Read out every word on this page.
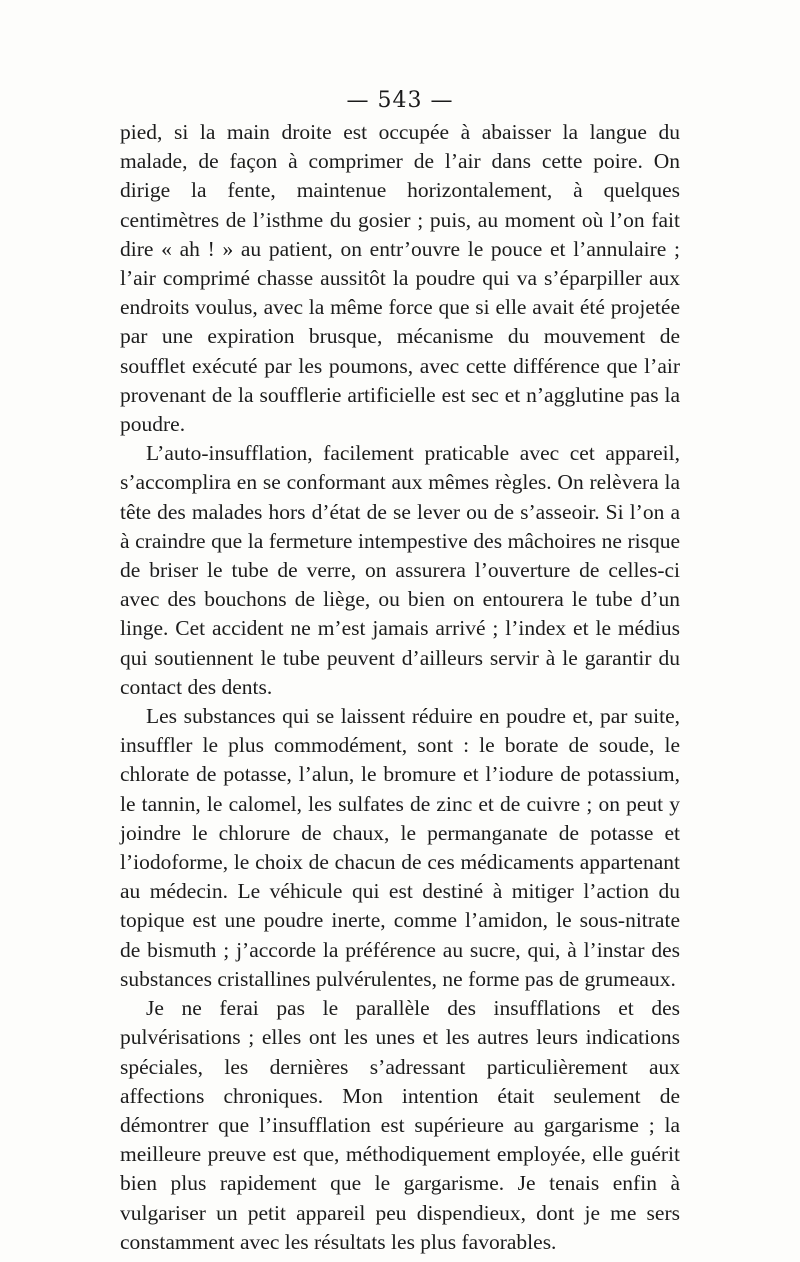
— 543 —

pied, si la main droite est occupée à abaisser la langue du malade, de façon à comprimer de l’air dans cette poire. On dirige la fente, maintenue horizontalement, à quelques centimètres de l’isthme du gosier ; puis, au moment où l’on fait dire « ah ! » au patient, on entr’ouvre le pouce et l’annulaire ; l’air comprimé chasse aussitôt la poudre qui va s’éparpiller aux endroits voulus, avec la même force que si elle avait été projetée par une expiration brusque, mécanisme du mouvement de soufflet exécuté par les poumons, avec cette différence que l’air provenant de la soufflerie artificielle est sec et n’agglutine pas la poudre.

L’auto-insufflation, facilement praticable avec cet appareil, s’accomplira en se conformant aux mêmes règles. On relèvera la tête des malades hors d’état de se lever ou de s’asseoir. Si l’on a à craindre que la fermeture intempestive des mâchoires ne risque de briser le tube de verre, on assurera l’ouverture de celles-ci avec des bouchons de liège, ou bien on entourera le tube d’un linge. Cet accident ne m’est jamais arrivé ; l’index et le médius qui soutiennent le tube peuvent d’ailleurs servir à le garantir du contact des dents.

Les substances qui se laissent réduire en poudre et, par suite, insuffler le plus commodément, sont : le borate de soude, le chlorate de potasse, l’alun, le bromure et l’iodure de potassium, le tannin, le calomel, les sulfates de zinc et de cuivre ; on peut y joindre le chlorure de chaux, le permanganate de potasse et l’iodoforme, le choix de chacun de ces médicaments appartenant au médecin. Le véhicule qui est destiné à mitiger l’action du topique est une poudre inerte, comme l’amidon, le sous-nitrate de bismuth ; j’accorde la préférence au sucre, qui, à l’instar des substances cristallines pulvérulentes, ne forme pas de grumeaux.

Je ne ferai pas le parallèle des insufflations et des pulvérisations ; elles ont les unes et les autres leurs indications spéciales, les dernières s’adressant particulièrement aux affections chroniques. Mon intention était seulement de démontrer que l’insufflation est supérieure au gargarisme ; la meilleure preuve est que, méthodiquement employée, elle guérit bien plus rapidement que le gargarisme. Je tenais enfin à vulgariser un petit appareil peu dispendieux, dont je me sers constamment avec les résultats les plus favorables.
